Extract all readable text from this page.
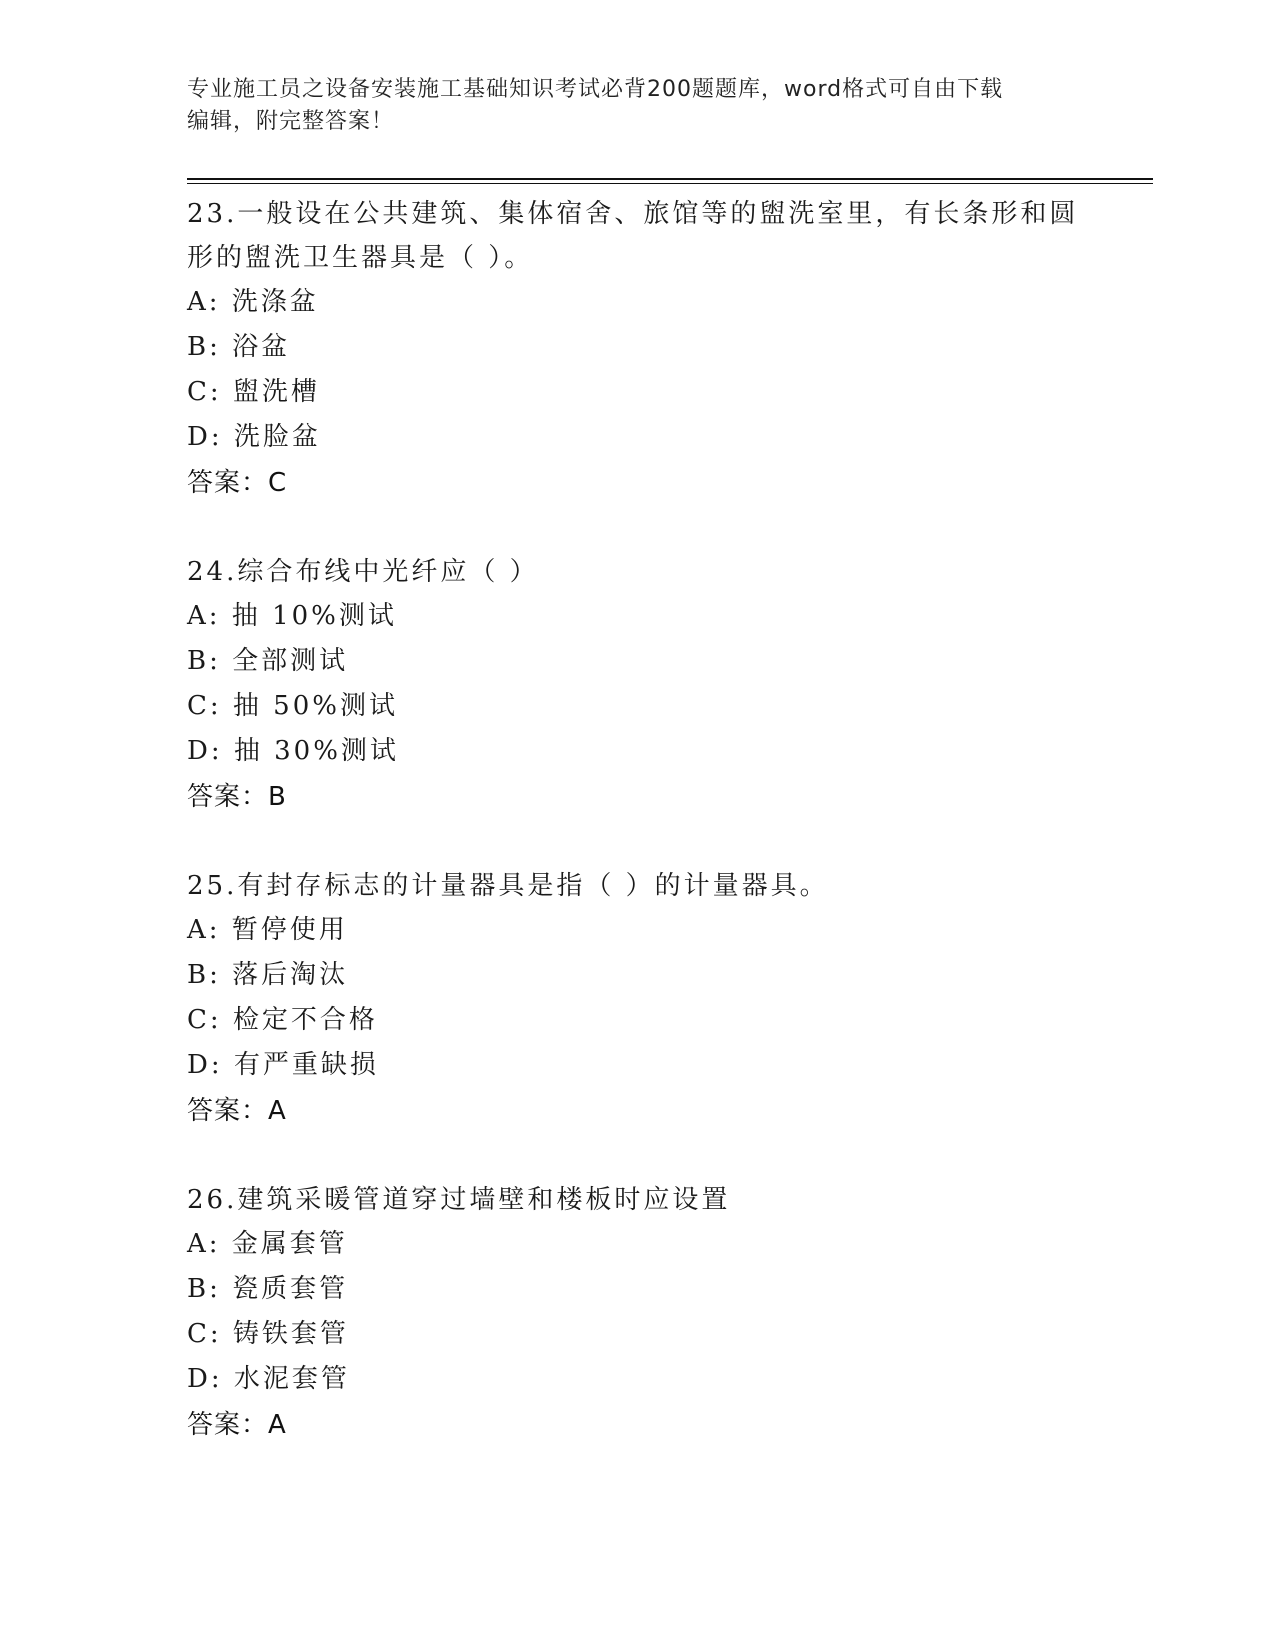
专业施工员之设备安装施工基础知识考试必背200题题库，word格式可自由下载
编辑，附完整答案！

23.一般设在公共建筑、集体宿舍、旅馆等的盥洗室里，有长条形和圆
形的盥洗卫生器具是（ ）。

A: 洗涤盆

B: 浴盆

C: 盥洗槽

D: 洗脸盆

答案：C

24.综合布线中光纤应（ ）

A: 抽 10%测试

B: 全部测试

C: 抽 50%测试

D: 抽 30%测试

答案：B

25.有封存标志的计量器具是指（ ）的计量器具。

A: 暂停使用

B: 落后淘汰

C: 检定不合格

D: 有严重缺损

答案：A

26.建筑采暖管道穿过墙壁和楼板时应设置

A: 金属套管

B: 瓷质套管

C: 铸铁套管

D: 水泥套管

答案：A
